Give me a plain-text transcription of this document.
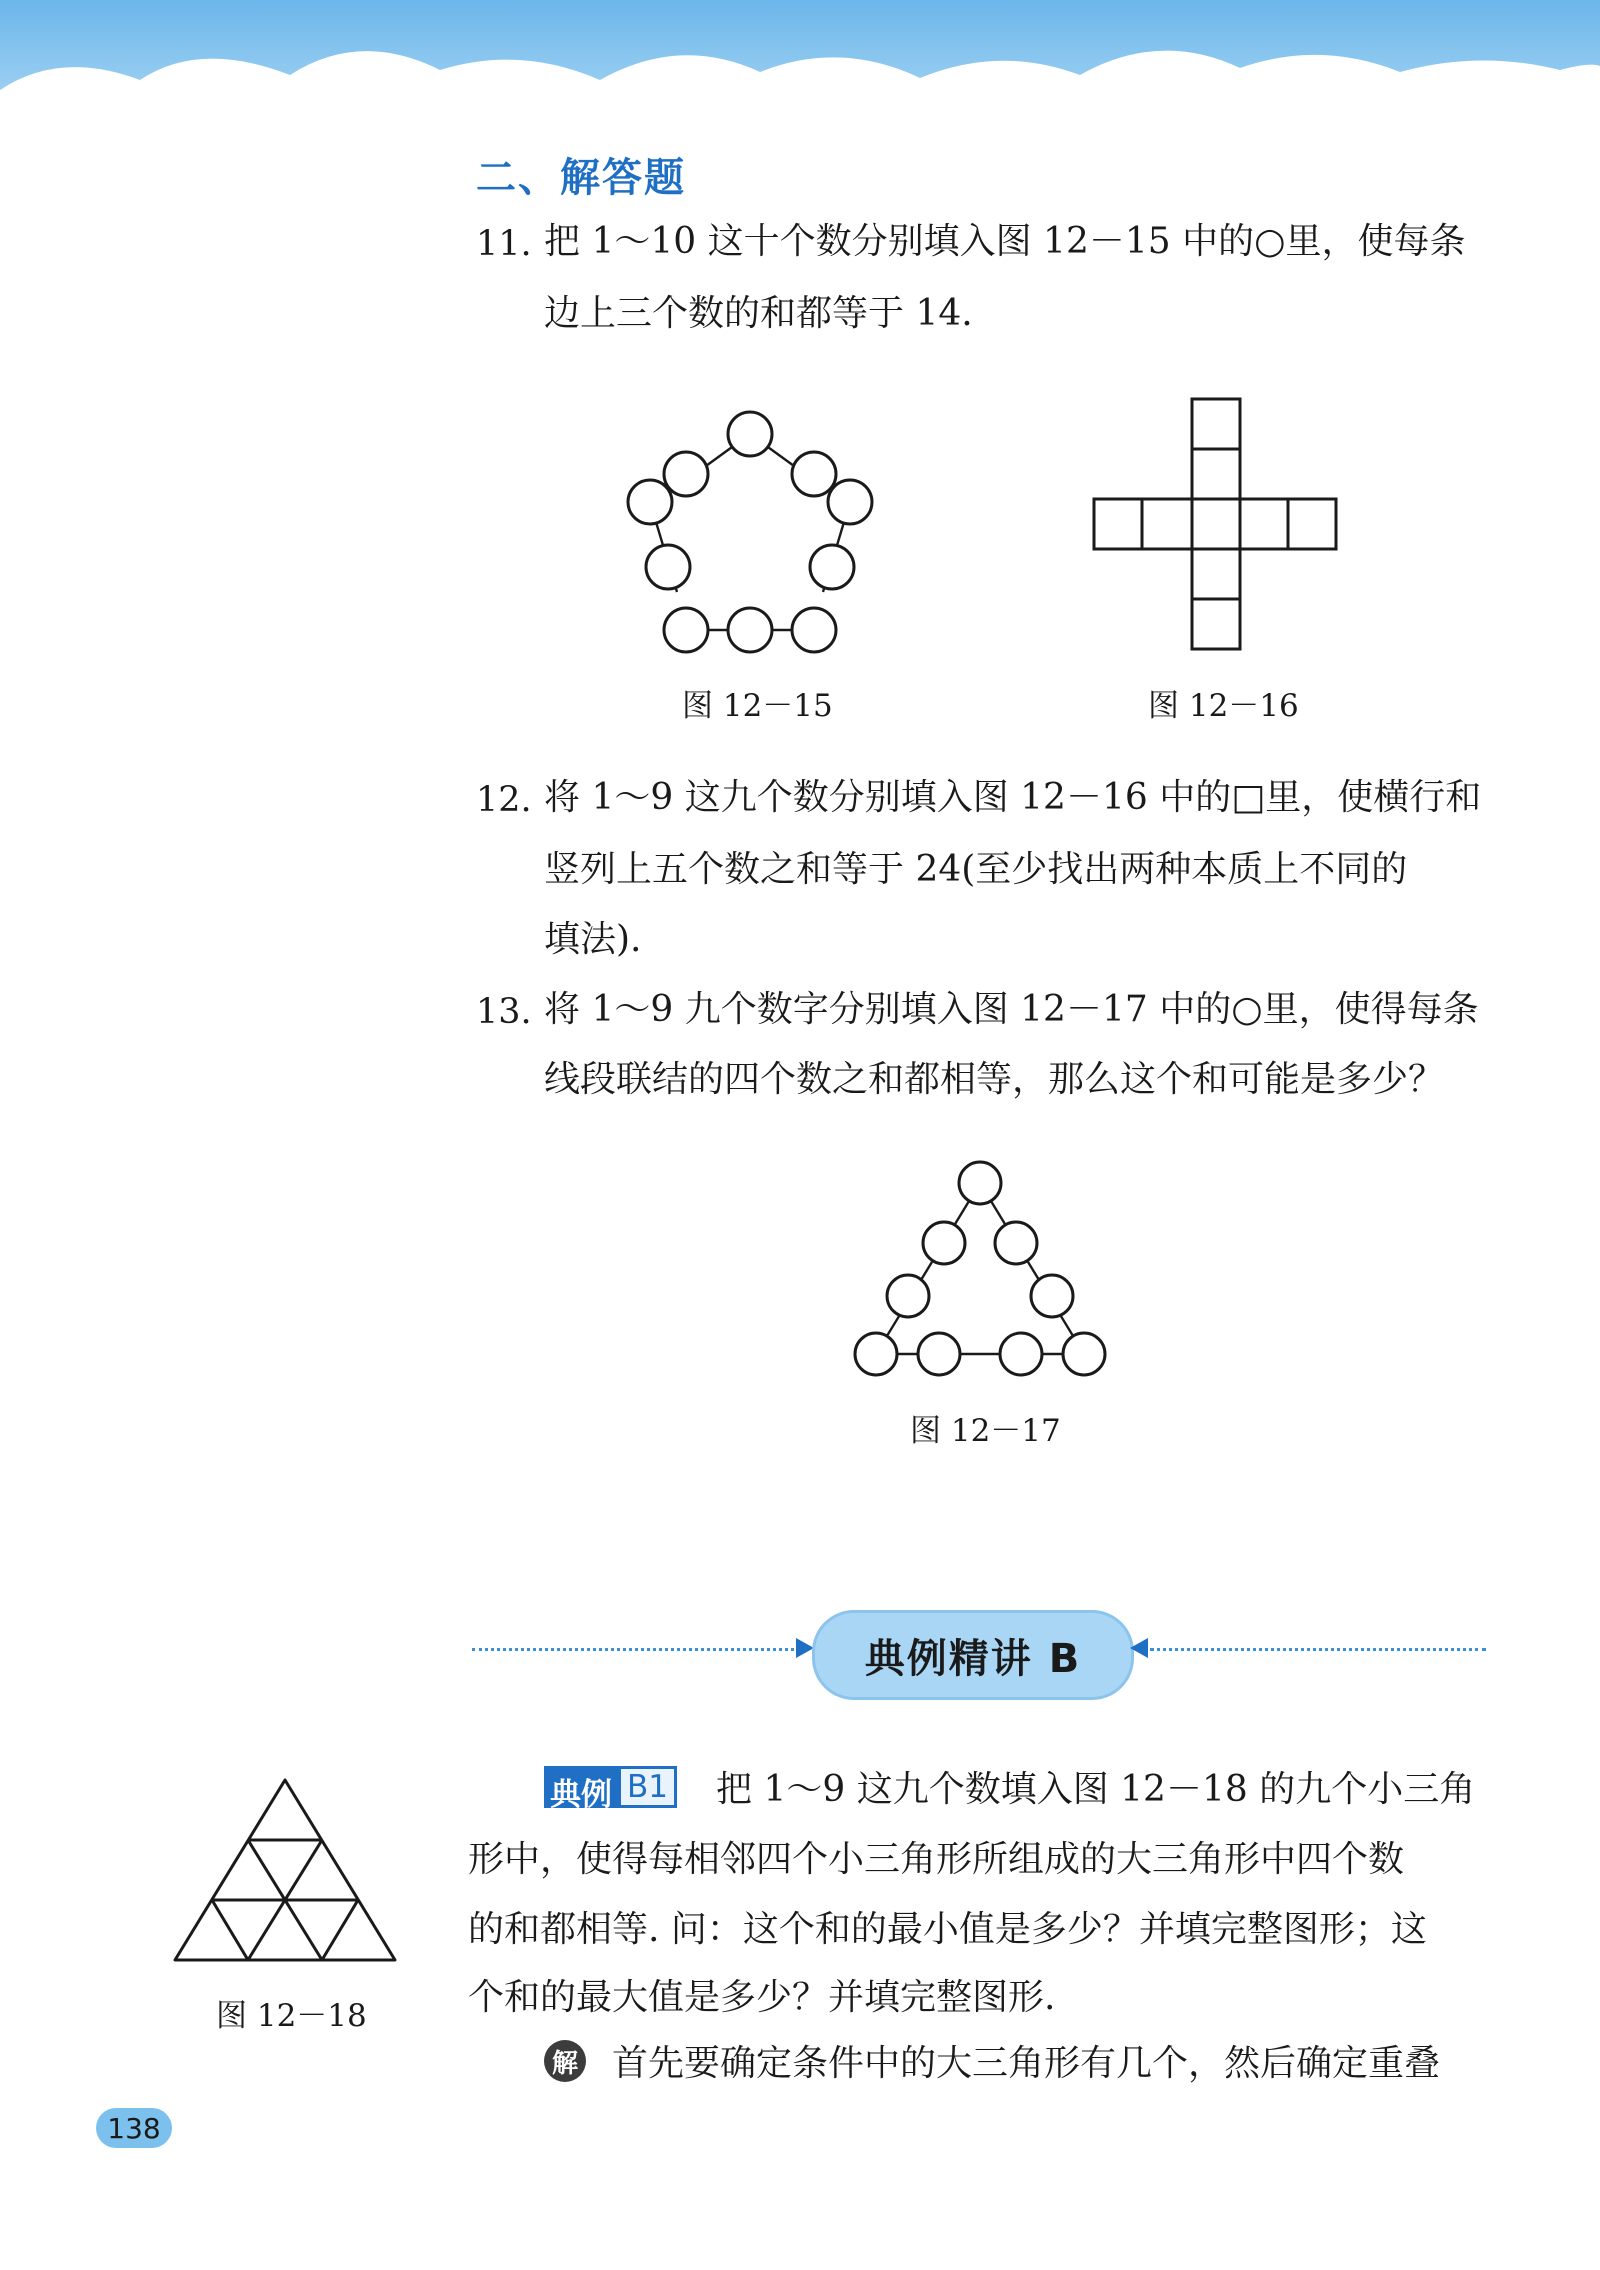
二、解答题
11. 把 1～10 这十个数分别填入图 12－15 中的○里，使每条
边上三个数的和都等于 14.
图 12－15	图 12－16
12. 将 1～9 这九个数分别填入图 12－16 中的□里，使横行和
竖列上五个数之和等于 24(至少找出两种本质上不同的
填法).
13. 将 1～9 九个数字分别填入图 12－17 中的○里，使得每条
线段联结的四个数之和都相等，那么这个和可能是多少？
图 12－17
典例精讲 B
图 12－18
典例 B1 把 1～9 这九个数填入图 12－18 的九个小三角
形中，使得每相邻四个小三角形所组成的大三角形中四个数
的和都相等. 问：这个和的最小值是多少？并填完整图形；这
个和的最大值是多少？并填完整图形.
解 首先要确定条件中的大三角形有几个，然后确定重叠
138
